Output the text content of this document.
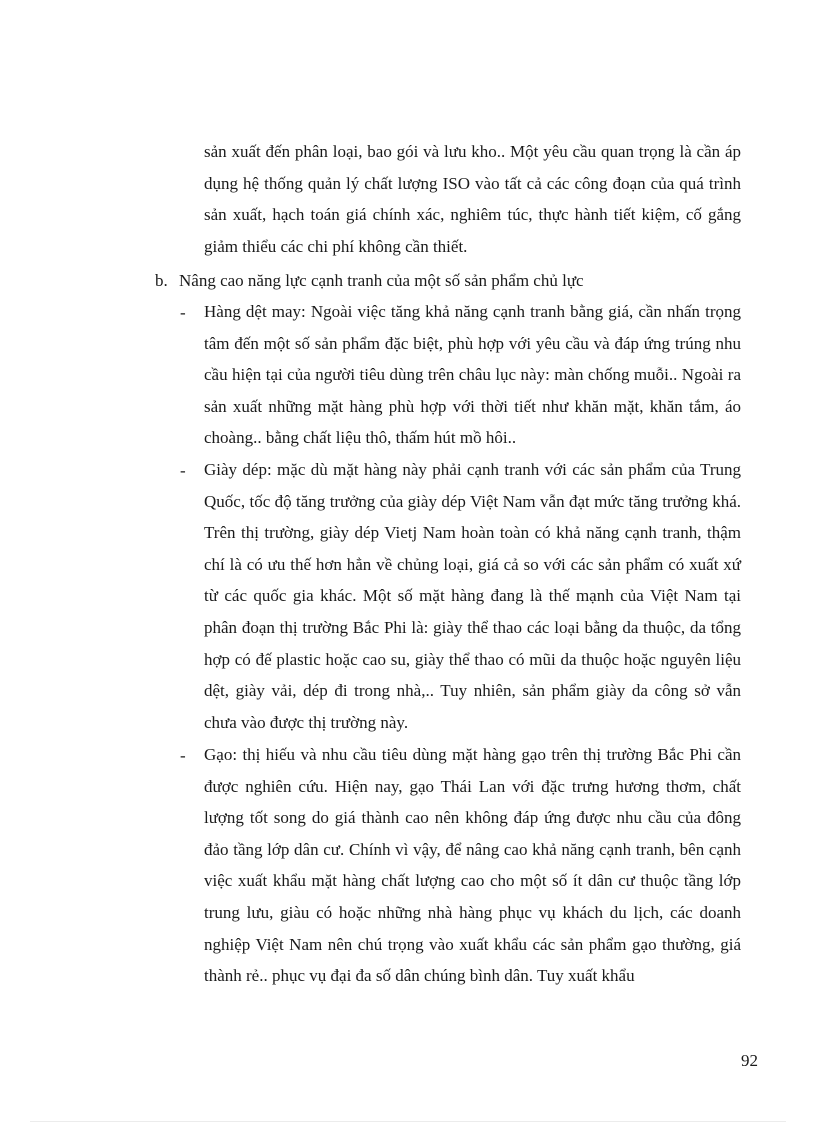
sản xuất đến phân loại, bao gói và lưu kho.. Một yêu cầu quan trọng là cần áp dụng hệ thống quản lý chất lượng ISO vào tất cả các công đoạn của quá trình sản xuất, hạch toán giá chính xác, nghiêm túc, thực hành tiết kiệm, cố gắng giảm thiểu các chi phí không cần thiết.

b. Nâng cao năng lực cạnh tranh của một số sản phẩm chủ lực

- Hàng dệt may: Ngoài việc tăng khả năng cạnh tranh bằng giá, cần nhấn trọng tâm đến một số sản phẩm đặc biệt, phù hợp với yêu cầu và đáp ứng trúng nhu cầu hiện tại của người tiêu dùng trên châu lục này: màn chống muỗi.. Ngoài ra sản xuất những mặt hàng phù hợp với thời tiết như khăn mặt, khăn tắm, áo choàng.. bằng chất liệu thô, thấm hút mồ hôi..

- Giày dép: mặc dù mặt hàng này phải cạnh tranh với các sản phẩm của Trung Quốc, tốc độ tăng trưởng của giày dép Việt Nam vẫn đạt mức tăng trưởng khá. Trên thị trường, giày dép Vietj Nam hoàn toàn có khả năng cạnh tranh, thậm chí là có ưu thế hơn hẳn về chủng loại, giá cả so với các sản phẩm có xuất xứ từ các quốc gia khác. Một số mặt hàng đang là thế mạnh của Việt Nam tại phân đoạn thị trường Bắc Phi là: giày thể thao các loại bằng da thuộc, da tổng hợp có đế plastic hoặc cao su, giày thể thao có mũi da thuộc hoặc nguyên liệu dệt, giày vải, dép đi trong nhà,.. Tuy nhiên, sản phẩm giày da công sở vẫn chưa vào được thị trường này.

- Gạo: thị hiếu và nhu cầu tiêu dùng mặt hàng gạo trên thị trường Bắc Phi cần được nghiên cứu. Hiện nay, gạo Thái Lan với đặc trưng hương thơm, chất lượng tốt song do giá thành cao nên không đáp ứng được nhu cầu của đông đảo tầng lớp dân cư. Chính vì vậy, để nâng cao khả năng cạnh tranh, bên cạnh việc xuất khẩu mặt hàng chất lượng cao cho một số ít dân cư thuộc tầng lớp trung lưu, giàu có hoặc những nhà hàng phục vụ khách du lịch, các doanh nghiệp Việt Nam nên chú trọng vào xuất khẩu các sản phẩm gạo thường, giá thành rẻ.. phục vụ đại đa số dân chúng bình dân. Tuy xuất khẩu

92
